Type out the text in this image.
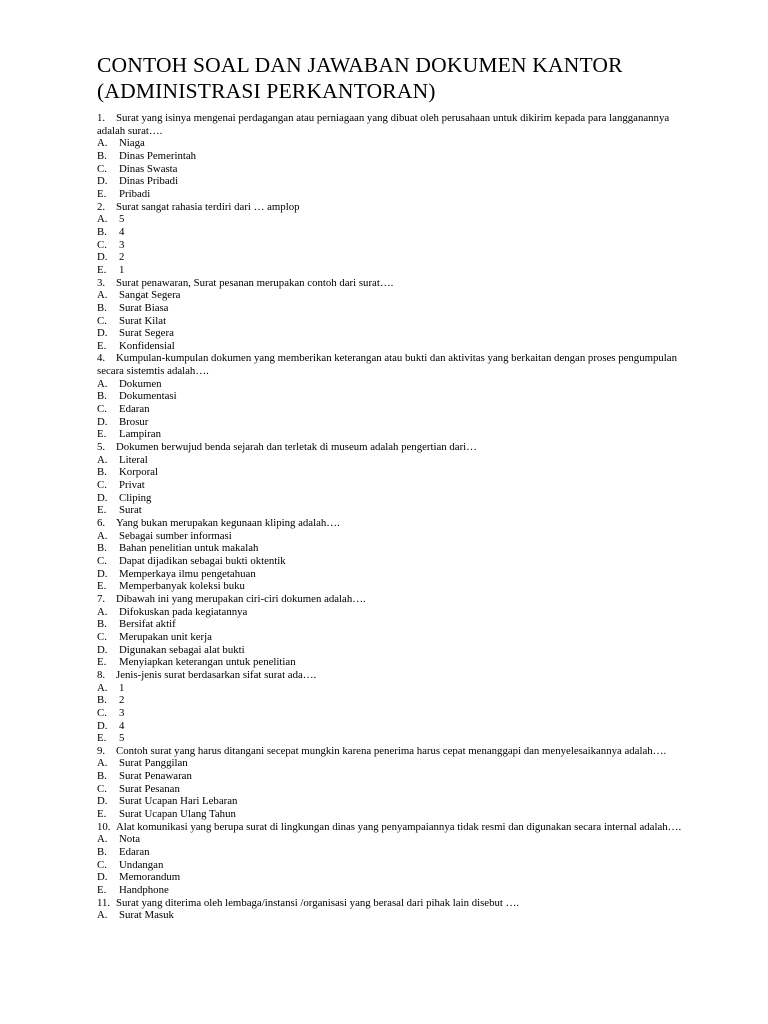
CONTOH SOAL DAN JAWABAN DOKUMEN KANTOR
(ADMINISTRASI PERKANTORAN)
1. Surat yang isinya mengenai perdagangan atau perniagaan yang dibuat oleh perusahaan untuk dikirim kepada para langganannya adalah surat….
A. Niaga
B. Dinas Pemerintah
C. Dinas Swasta
D. Dinas Pribadi
E. Pribadi
2. Surat sangat rahasia terdiri dari … amplop
A. 5
B. 4
C. 3
D. 2
E. 1
3. Surat penawaran, Surat pesanan merupakan contoh dari surat….
A. Sangat Segera
B. Surat Biasa
C. Surat Kilat
D. Surat Segera
E. Konfidensial
4. Kumpulan-kumpulan dokumen yang memberikan keterangan atau bukti dan aktivitas yang berkaitan dengan proses pengumpulan secara sistemtis adalah….
A. Dokumen
B. Dokumentasi
C. Edaran
D. Brosur
E. Lampiran
5. Dokumen berwujud benda sejarah dan terletak di museum adalah pengertian dari…
A. Literal
B. Korporal
C. Privat
D. Cliping
E. Surat
6. Yang bukan merupakan kegunaan kliping adalah….
A. Sebagai sumber informasi
B. Bahan penelitian untuk makalah
C. Dapat dijadikan sebagai bukti oktentik
D. Memperkaya ilmu pengetahuan
E. Memperbanyak koleksi buku
7. Dibawah ini yang merupakan ciri-ciri dokumen adalah….
A. Difokuskan pada kegiatannya
B. Bersifat aktif
C. Merupakan unit kerja
D. Digunakan sebagai alat bukti
E. Menyiapkan keterangan untuk penelitian
8. Jenis-jenis surat berdasarkan sifat surat ada….
A. 1
B. 2
C. 3
D. 4
E. 5
9. Contoh surat yang harus ditangani secepat mungkin karena penerima harus cepat menanggapi dan menyelesaikannya adalah….
A. Surat Panggilan
B. Surat Penawaran
C. Surat Pesanan
D. Surat Ucapan Hari Lebaran
E. Surat Ucapan Ulang Tahun
10. Alat komunikasi yang berupa surat di lingkungan dinas yang penyampaiannya tidak resmi dan digunakan secara internal adalah….
A. Nota
B. Edaran
C. Undangan
D. Memorandum
E. Handphone
11. Surat yang diterima oleh lembaga/instansi /organisasi yang berasal dari pihak lain disebut ….
A. Surat Masuk
